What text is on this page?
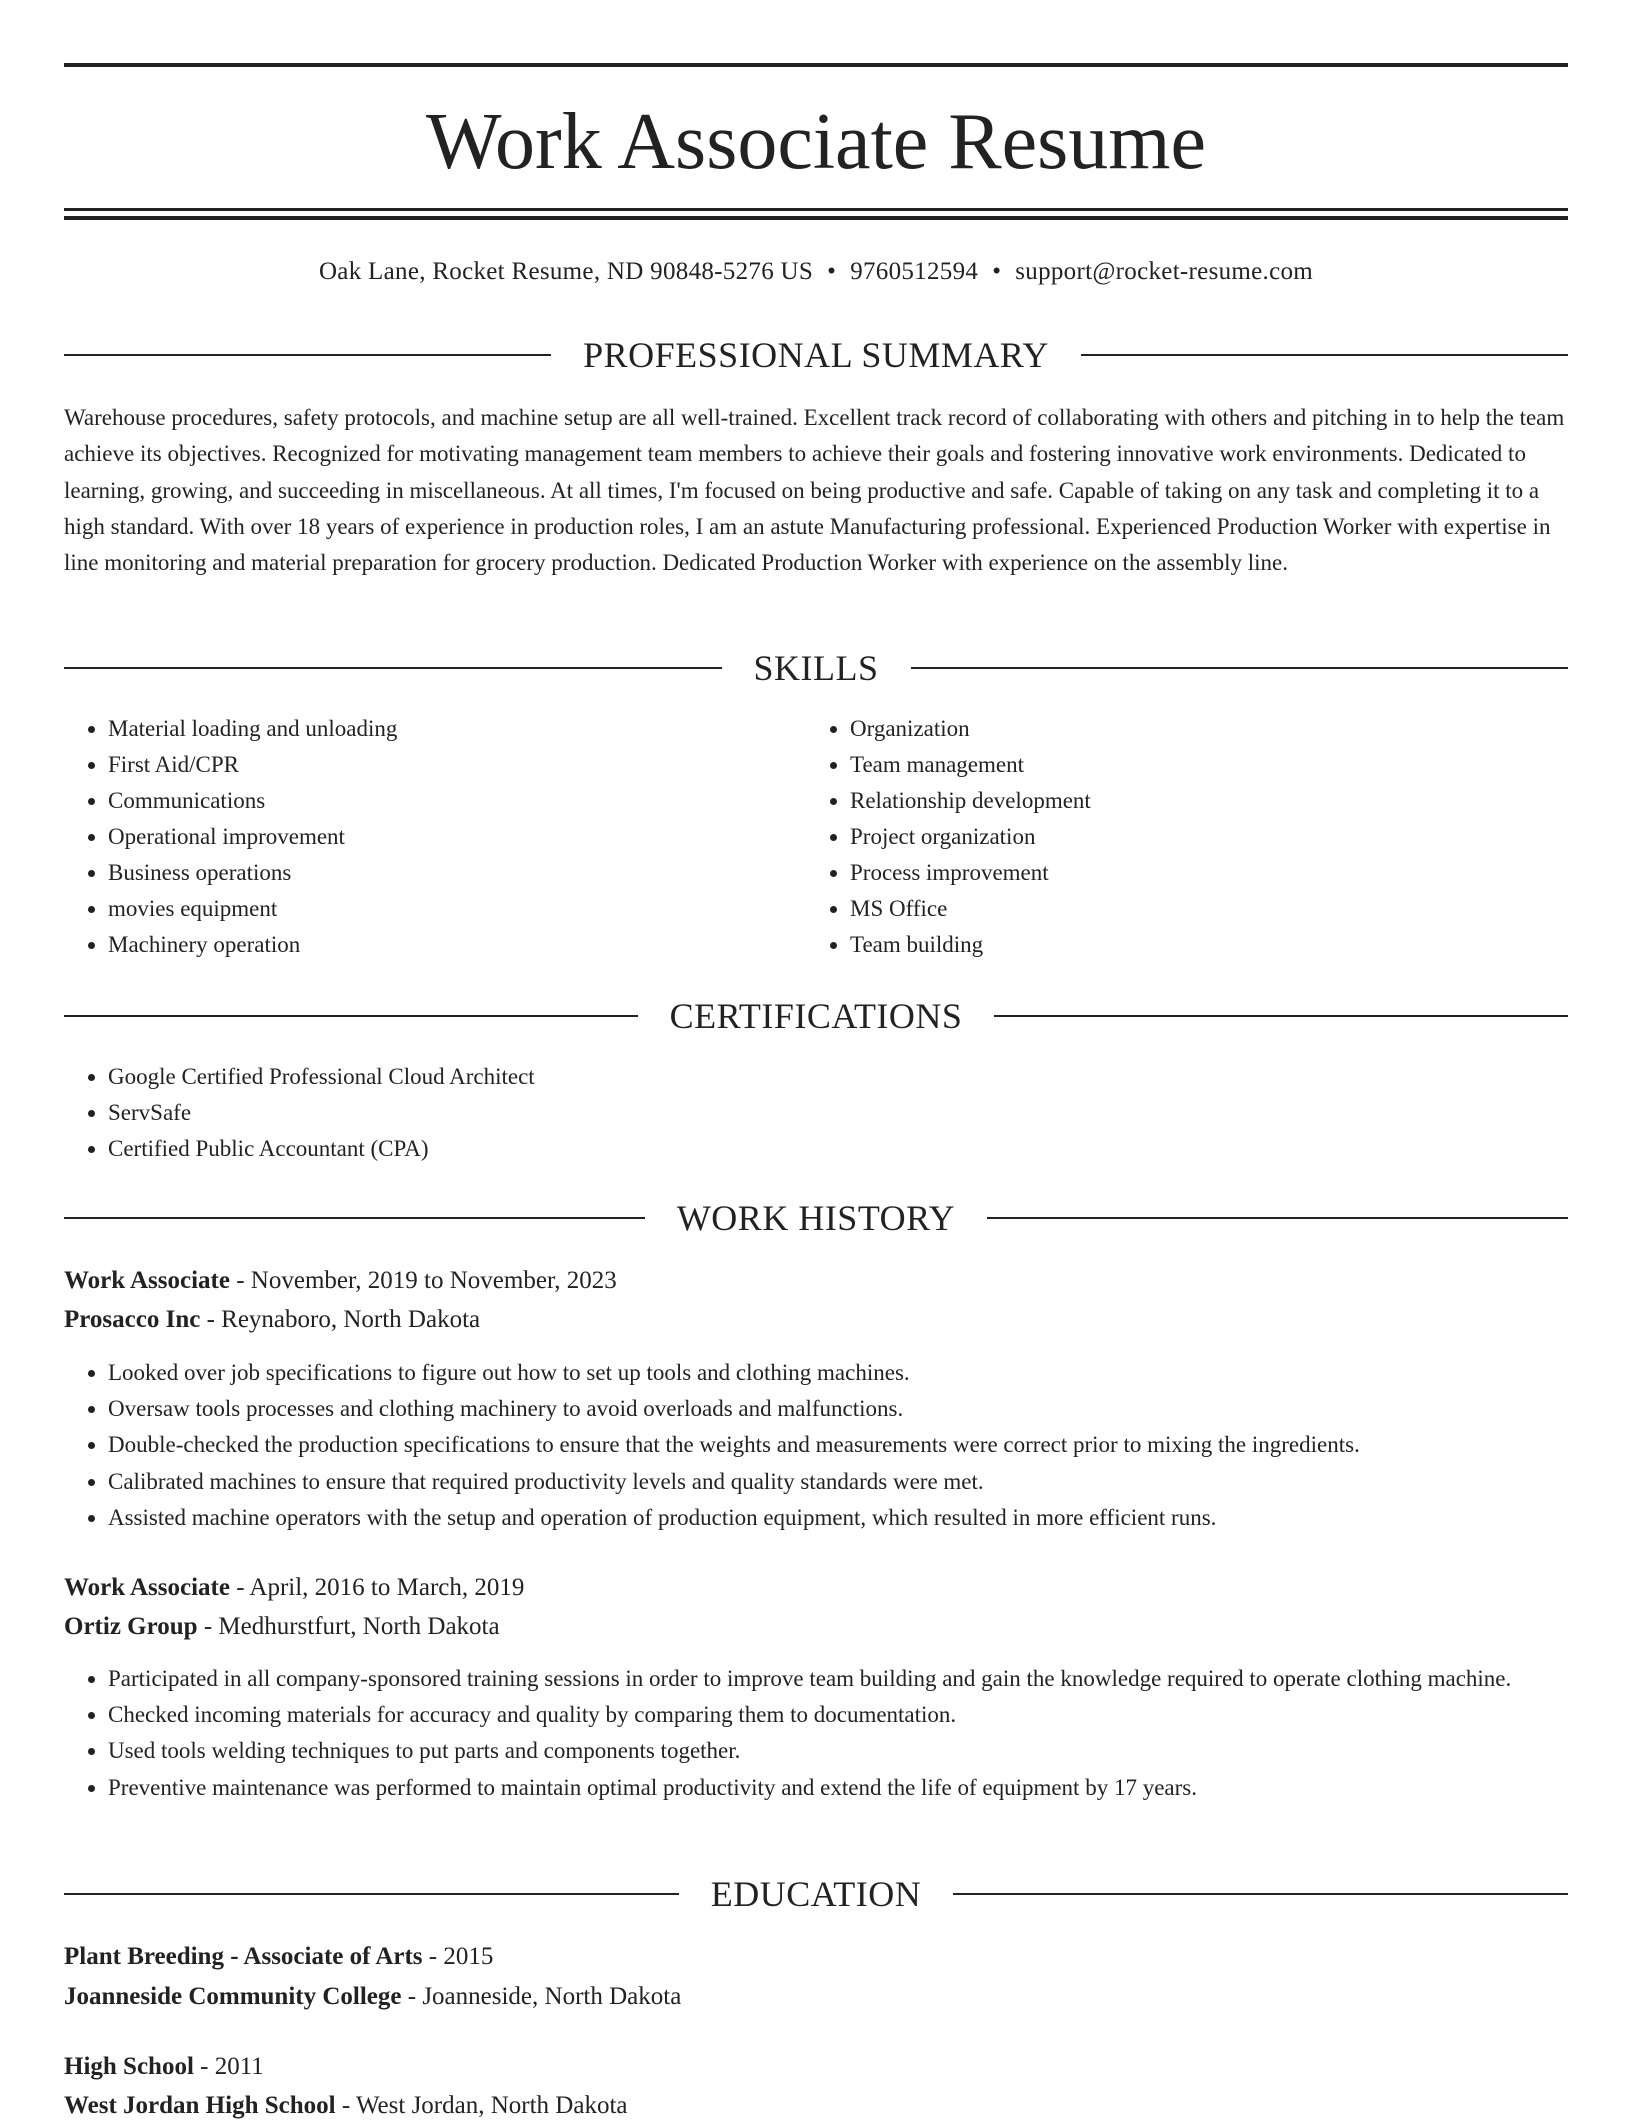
Work Associate Resume
Oak Lane, Rocket Resume, ND 90848-5276 US • 9760512594 • support@rocket-resume.com
PROFESSIONAL SUMMARY

Warehouse procedures, safety protocols, and machine setup are all well-trained. Excellent track record of collaborating with others and pitching in to help the team achieve its objectives. Recognized for motivating management team members to achieve their goals and fostering innovative work environments. Dedicated to learning, growing, and succeeding in miscellaneous. At all times, I'm focused on being productive and safe. Capable of taking on any task and completing it to a high standard. With over 18 years of experience in production roles, I am an astute Manufacturing professional. Experienced Production Worker with expertise in line monitoring and material preparation for grocery production. Dedicated Production Worker with experience on the assembly line.

SKILLS
• Material loading and unloading
• First Aid/CPR
• Communications
• Operational improvement
• Business operations
• movies equipment
• Machinery operation
• Organization
• Team management
• Relationship development
• Project organization
• Process improvement
• MS Office
• Team building
CERTIFICATIONS
• Google Certified Professional Cloud Architect
• ServSafe
• Certified Public Accountant (CPA)
WORK HISTORY
Work Associate - November, 2019 to November, 2023
Prosacco Inc - Reynaboro, North Dakota
• Looked over job specifications to figure out how to set up tools and clothing machines.
• Oversaw tools processes and clothing machinery to avoid overloads and malfunctions.
• Double-checked the production specifications to ensure that the weights and measurements were correct prior to mixing the ingredients.
• Calibrated machines to ensure that required productivity levels and quality standards were met.
• Assisted machine operators with the setup and operation of production equipment, which resulted in more efficient runs.
Work Associate - April, 2016 to March, 2019
Ortiz Group - Medhurstfurt, North Dakota
• Participated in all company-sponsored training sessions in order to improve team building and gain the knowledge required to operate clothing machine.
• Checked incoming materials for accuracy and quality by comparing them to documentation.
• Used tools welding techniques to put parts and components together.
• Preventive maintenance was performed to maintain optimal productivity and extend the life of equipment by 17 years.
EDUCATION
Plant Breeding - Associate of Arts - 2015
Joanneside Community College - Joanneside, North Dakota
High School - 2011
West Jordan High School - West Jordan, North Dakota
